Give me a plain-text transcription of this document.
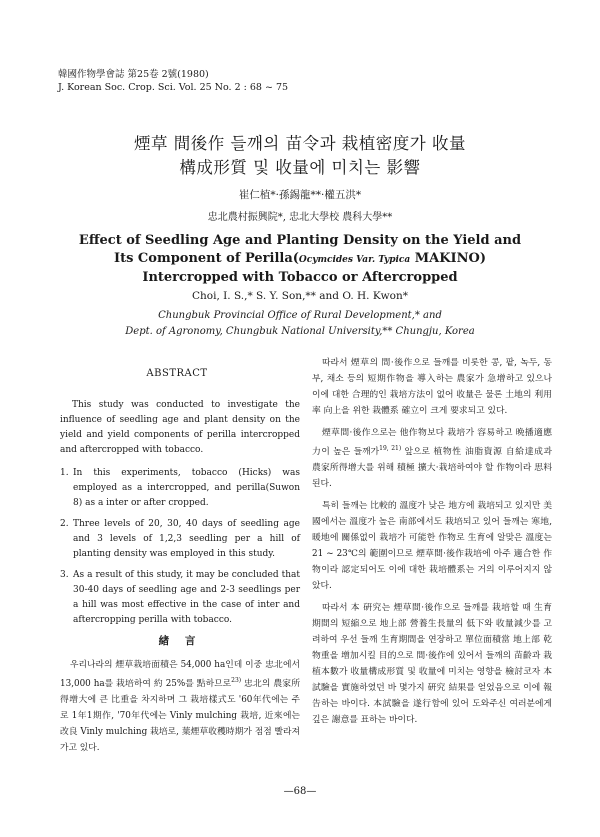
韓國作物學會誌 第25卷 2號(1980)
J. Korean Soc. Crop. Sci. Vol. 25 No. 2 : 68 ~ 75
煙草 間後作 들깨의 苗令과 栽植密度가 收量
構成形質 및 收量에 미치는 影響
崔仁植*·孫錫龍**·權五洪*
忠北農村振興院*, 忠北大學校 農科大學**
Effect of Seedling Age and Planting Density on the Yield and
Its Component of Perilla(Ocymcides Var. Typica MAKINO)
Intercropped with Tobacco or Aftercropped
Choi, I. S.,* S. Y. Son,** and O. H. Kwon*
Chungbuk Provincial Office of Rural Development,* and
Dept. of Agronomy, Chungbuk National University,** Chungju, Korea
ABSTRACT

This study was conducted to investigate the influence of seedling age and plant density on the yield and yield components of perilla intercropped and aftercropped with tobacco.

1. In this experiments, tobacco (Hicks) was employed as a intercropped, and perilla(Suwon 8) as a inter or after cropped.
2. Three levels of 20, 30, 40 days of seedling age and 3 levels of 1,2,3 seedling per a hill of planting density was employed in this study.
3. As a result of this study, it may be concluded that 30-40 days of seedling age and 2-3 seedlings per a hill was most effective in the case of inter and aftercropping perilla with tobacco.
緖 言
우리나라의 煙草栽培面積은 54,000 ha인데 이중 忠北에서 13,000 ha를 栽培하여 約 25%를 點하므로$^{23)}$ 忠北의 農家所得增大에 큰 比重을 차지하며 그 栽培樣式도 '60年代에는 주로 1年1期作, '70年代에는 Vinly mulching 栽培, 近來에는 改良 Vinly mulching 栽培로, 葉煙草收穫時期가 점점 빨라져 가고 있다.

따라서 煙草의 間·後作으로 들깨를 비롯한 콩, 팥, 녹두, 동부, 채소 등의 短期作物을 導入하는 農家가 急增하고 있으나 이에 대한 合理的인 栽培方法이 없어 收量은 물론 土地의 利用率 向上을 위한 栽體系 確立이 크게 要求되고 있다.

煙草間·後作으로는 他作物보다 栽培가 容易하고 晩播適應力이 높은 들깨가$^{19, 21)}$ 앞으로 植物性 油脂資源 自給達成과 農家所得增大를 위해 積極 擴大·栽培하여야 할 作物이라 思料된다.

특히 들깨는 比較的 溫度가 낮은 地方에 栽培되고 있지만 美國에서는 溫度가 높은 南部에서도 栽培되고 있어 들깨는 寒地, 暖地에 關係없이 栽培가 可能한 作物로 生育에 알맞은 溫度는 21 ~ 23℃의 範圍이므로 煙草間·後作栽培에 아주 適合한 作物이라 認定되어도 이에 대한 栽培體系는 거의 이루어지지 않았다.

따라서 本 硏究는 煙草間·後作으로 들깨를 栽培할 때 生育期間의 短縮으로 地上部 營養生長量의 低下와 收量減少를 고려하여 우선 들깨 生育期間을 연장하고 單位面積當 地上部 乾物重을 增加시킬 目的으로 間·後作에 있어서 들깨의 苗齡과 栽植本數가 收量構成形質 및 收量에 미치는 영향을 檢討코자 本 試驗을 實施하였던 바 몇가지 硏究 結果를 얻었음으로 이에 報告하는 바이다. 本試驗을 遂行함에 있어 도와주신 여러분에게 깊은 謝意를 표하는 바이다.

—68—
